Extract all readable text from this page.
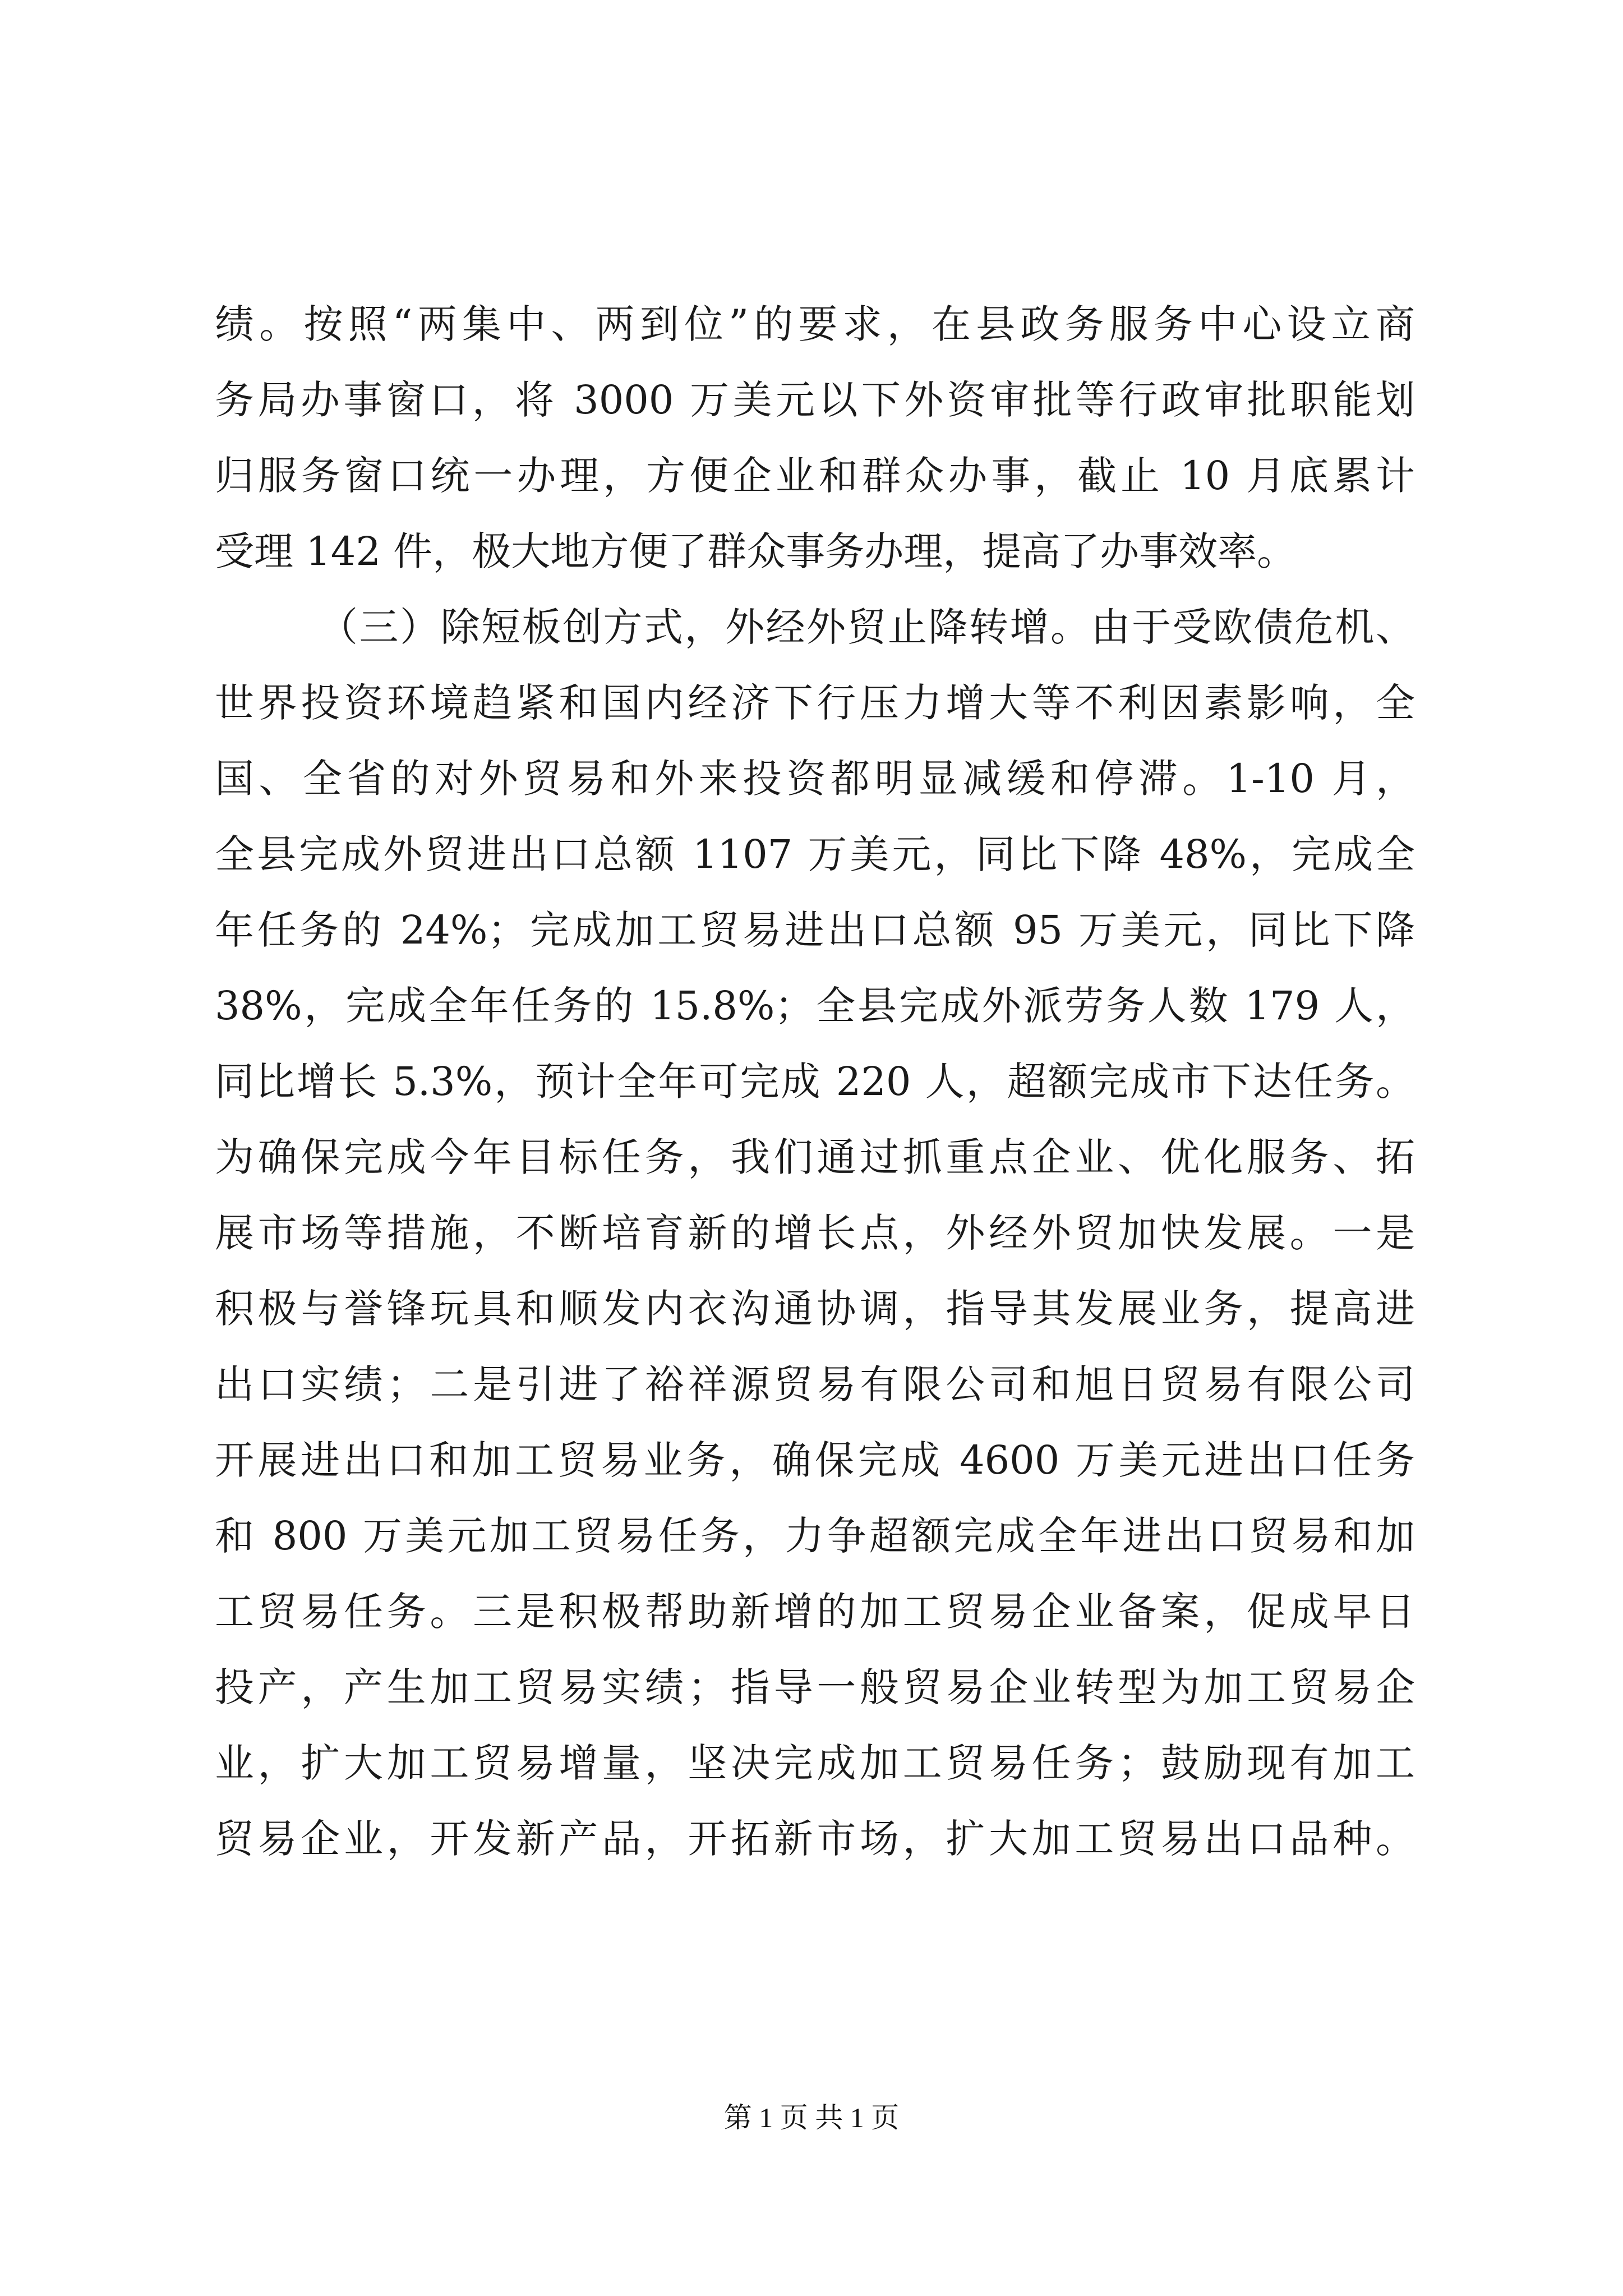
绩。按照“两集中、两到位”的要求，在县政务服务中心设立商
务局办事窗口，将 3000 万美元以下外资审批等行政审批职能划
归服务窗口统一办理，方便企业和群众办事，截止 10 月底累计
受理 142 件，极大地方便了群众事务办理，提高了办事效率。
（三）除短板创方式，外经外贸止降转增。由于受欧债危机、
世界投资环境趋紧和国内经济下行压力增大等不利因素影响，全
国、全省的对外贸易和外来投资都明显减缓和停滞。1-10 月，
全县完成外贸进出口总额 1107 万美元，同比下降 48%，完成全
年任务的 24%；完成加工贸易进出口总额 95 万美元，同比下降
38%，完成全年任务的 15.8%；全县完成外派劳务人数 179 人，
同比增长 5.3%，预计全年可完成 220 人，超额完成市下达任务。
为确保完成今年目标任务，我们通过抓重点企业、优化服务、拓
展市场等措施，不断培育新的增长点，外经外贸加快发展。一是
积极与誉锋玩具和顺发内衣沟通协调，指导其发展业务，提高进
出口实绩；二是引进了裕祥源贸易有限公司和旭日贸易有限公司
开展进出口和加工贸易业务，确保完成 4600 万美元进出口任务
和 800 万美元加工贸易任务，力争超额完成全年进出口贸易和加
工贸易任务。三是积极帮助新增的加工贸易企业备案，促成早日
投产，产生加工贸易实绩；指导一般贸易企业转型为加工贸易企
业，扩大加工贸易增量，坚决完成加工贸易任务；鼓励现有加工
贸易企业，开发新产品，开拓新市场，扩大加工贸易出口品种。
第 1 页 共 1 页
